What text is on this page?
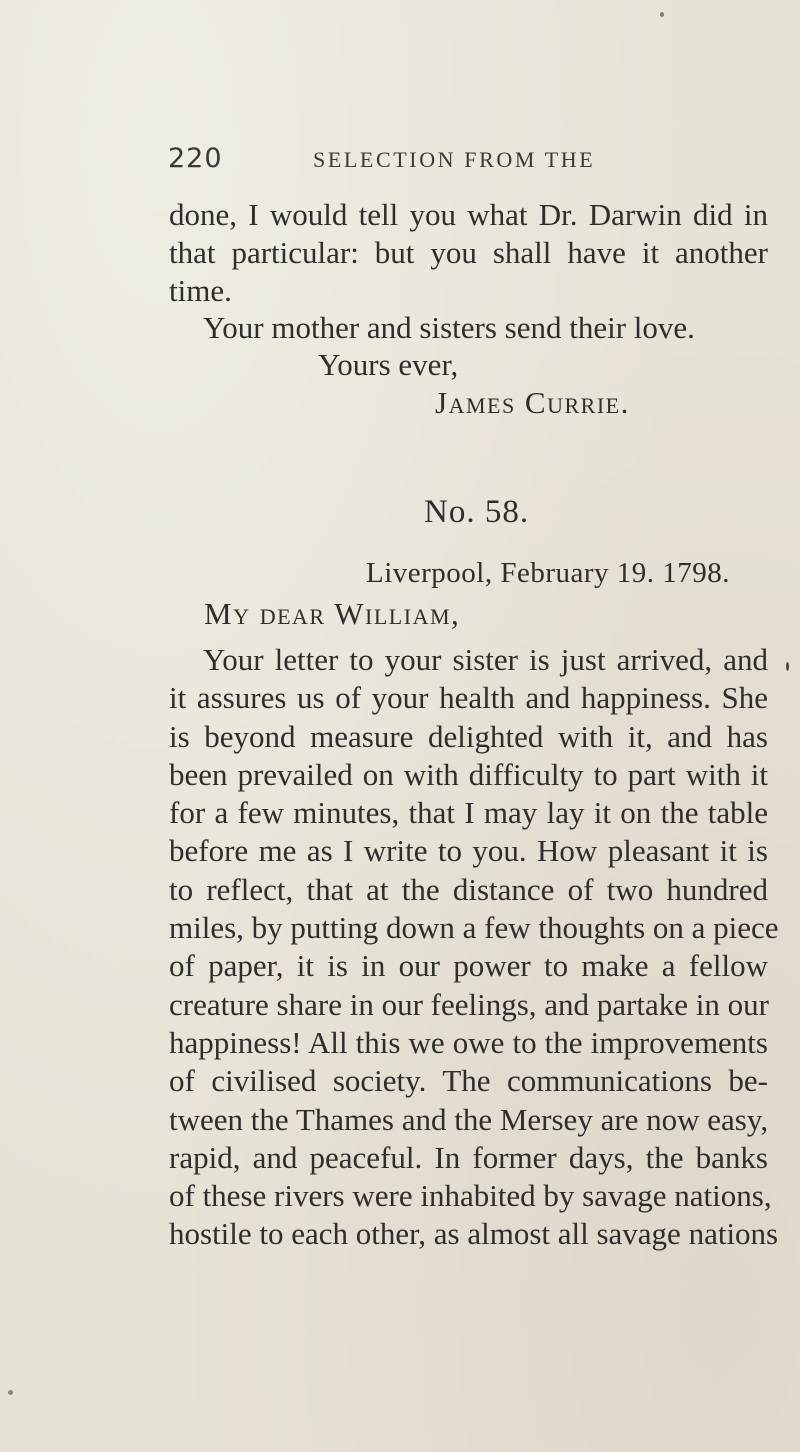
220	SELECTION FROM THE
done, I would tell you what Dr. Darwin did in
that particular: but you shall have it another
time.
Your mother and sisters send their love.
Yours ever,
James Currie.
No. 58.
Liverpool, February 19. 1798.
My dear William,
Your letter to your sister is just arrived, and
it assures us of your health and happiness. She
is beyond measure delighted with it, and has
been prevailed on with difficulty to part with it
for a few minutes, that I may lay it on the table
before me as I write to you. How pleasant it is
to reflect, that at the distance of two hundred
miles, by putting down a few thoughts on a piece
of paper, it is in our power to make a fellow
creature share in our feelings, and partake in our
happiness! All this we owe to the improvements
of civilised society. The communications be-
tween the Thames and the Mersey are now easy,
rapid, and peaceful. In former days, the banks
of these rivers were inhabited by savage nations,
hostile to each other, as almost all savage nations
